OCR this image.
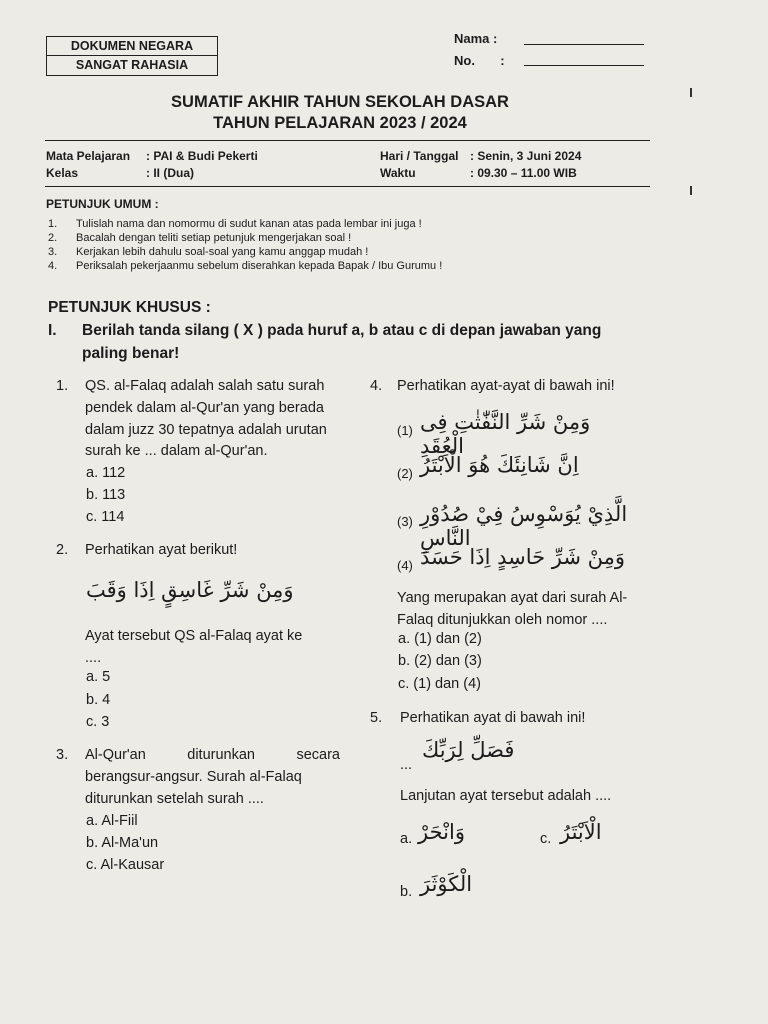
DOKUMEN NEGARA
SANGAT RAHASIA
Nama :
No.       :
SUMATIF AKHIR TAHUN SEKOLAH DASAR
TAHUN PELAJARAN 2023 / 2024
Mata Pelajaran : PAI & Budi Pekerti
Kelas	: II (Dua)
Hari / Tanggal : Senin, 3 Juni 2024
Waktu	: 09.30 – 11.00 WIB
PETUNJUK UMUM :
1. Tulislah nama dan nomormu di sudut kanan atas pada lembar ini juga !
2. Bacalah dengan teliti setiap petunjuk mengerjakan soal !
3. Kerjakan lebih dahulu soal-soal yang kamu anggap mudah !
4. Periksalah pekerjaanmu sebelum diserahkan kepada Bapak / Ibu Gurumu !
PETUNJUK KHUSUS :
I. Berilah tanda silang ( X ) pada huruf a, b atau c di depan jawaban yang
paling benar!
1. QS. al-Falaq adalah salah satu surah
pendek dalam al-Qur'an yang berada
dalam juzz 30 tepatnya adalah urutan
surah ke ... dalam al-Qur'an.
a. 112
b. 113
c. 114
2. Perhatikan ayat berikut!
وَمِنْ شَرِّ غَاسِقٍ اِذَا وَقَبَ
Ayat tersebut QS al-Falaq ayat ke
....
a. 5
b. 4
c. 3
3. Al-Qur'an diturunkan secara
berangsur-angsur. Surah al-Falaq
diturunkan setelah surah ....
a. Al-Fiil
b. Al-Ma'un
c. Al-Kausar
4. Perhatikan ayat-ayat di bawah ini!
(1) وَمِنْ شَرِّ النَّفّٰثٰتِ فِى الْعُقَدِ
(2) اِنَّ شَانِئَكَ هُوَ الْاَبْتَرُ
(3) الَّذِيْ يُوَسْوِسُ فِيْ صُدُوْرِ النَّاسِ
(4) وَمِنْ شَرِّ حَاسِدٍ اِذَا حَسَدَ
Yang merupakan ayat dari surah Al-
Falaq ditunjukkan oleh nomor ....
a. (1) dan (2)
b. (2) dan (3)
c. (1) dan (4)
5. Perhatikan ayat di bawah ini!
...
فَصَلِّ لِرَبِّكَ
Lanjutan ayat tersebut adalah ....
a. وَانْحَرْ	c. الْاَبْتَرُ
b. الْكَوْثَرَ
